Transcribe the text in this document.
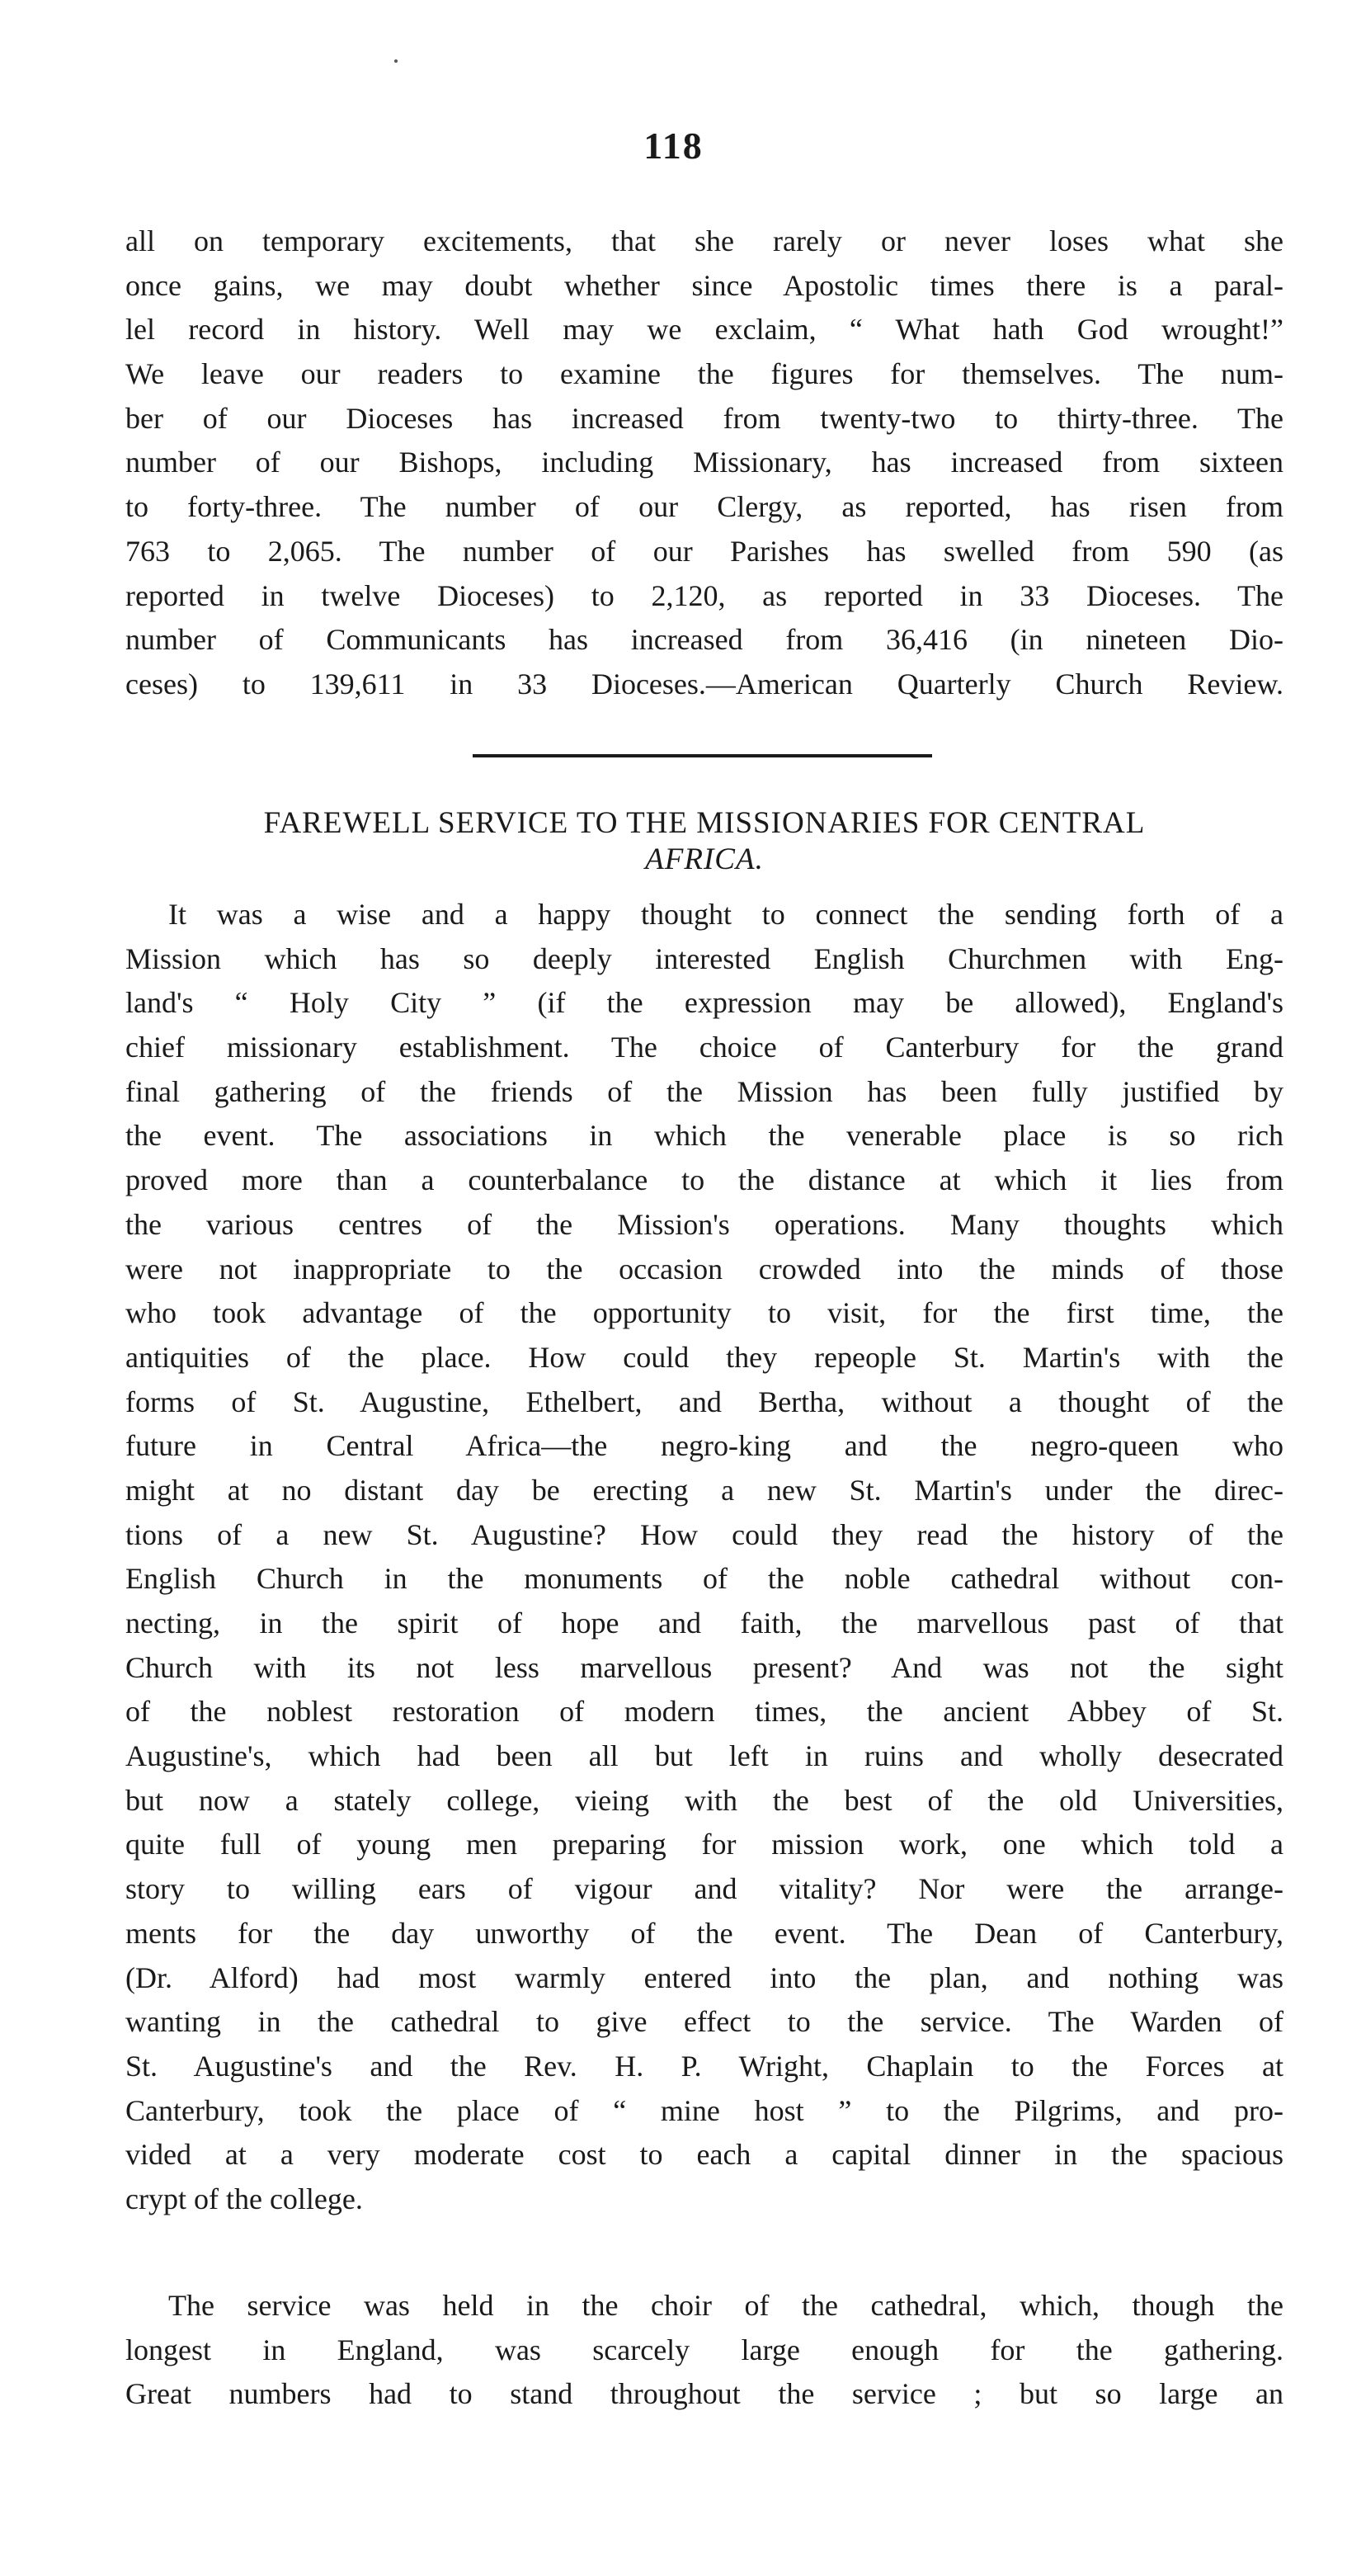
118
all on temporary excitements, that she rarely or never loses what she
once gains, we may doubt whether since Apostolic times there is a paral-
lel record in history. Well may we exclaim, “ What hath God wrought!”
We leave our readers to examine the figures for themselves. The num-
ber of our Dioceses has increased from twenty-two to thirty-three. The
number of our Bishops, including Missionary, has increased from sixteen
to forty-three. The number of our Clergy, as reported, has risen from
763 to 2,065. The number of our Parishes has swelled from 590 (as
reported in twelve Dioceses) to 2,120, as reported in 33 Dioceses. The
number of Communicants has increased from 36,416 (in nineteen Dio-
ceses) to 139,611 in 33 Dioceses.—American Quarterly Church Review.
FAREWELL SERVICE TO THE MISSIONARIES FOR CENTRAL
AFRICA.
It was a wise and a happy thought to connect the sending forth of a
Mission which has so deeply interested English Churchmen with Eng-
land's “ Holy City ” (if the expression may be allowed), England's
chief missionary establishment. The choice of Canterbury for the grand
final gathering of the friends of the Mission has been fully justified by
the event. The associations in which the venerable place is so rich
proved more than a counterbalance to the distance at which it lies from
the various centres of the Mission's operations. Many thoughts which
were not inappropriate to the occasion crowded into the minds of those
who took advantage of the opportunity to visit, for the first time, the
antiquities of the place. How could they repeople St. Martin's with the
forms of St. Augustine, Ethelbert, and Bertha, without a thought of the
future in Central Africa—the negro-king and the negro-queen who
might at no distant day be erecting a new St. Martin's under the direc-
tions of a new St. Augustine? How could they read the history of the
English Church in the monuments of the noble cathedral without con-
necting, in the spirit of hope and faith, the marvellous past of that
Church with its not less marvellous present? And was not the sight
of the noblest restoration of modern times, the ancient Abbey of St.
Augustine's, which had been all but left in ruins and wholly desecrated
but now a stately college, vieing with the best of the old Universities,
quite full of young men preparing for mission work, one which told a
story to willing ears of vigour and vitality? Nor were the arrange-
ments for the day unworthy of the event. The Dean of Canterbury,
(Dr. Alford) had most warmly entered into the plan, and nothing was
wanting in the cathedral to give effect to the service. The Warden of
St. Augustine's and the Rev. H. P. Wright, Chaplain to the Forces at
Canterbury, took the place of “ mine host ” to the Pilgrims, and pro-
vided at a very moderate cost to each a capital dinner in the spacious
crypt of the college.
The service was held in the choir of the cathedral, which, though the
longest in England, was scarcely large enough for the gathering.
Great numbers had to stand throughout the service ; but so large an
